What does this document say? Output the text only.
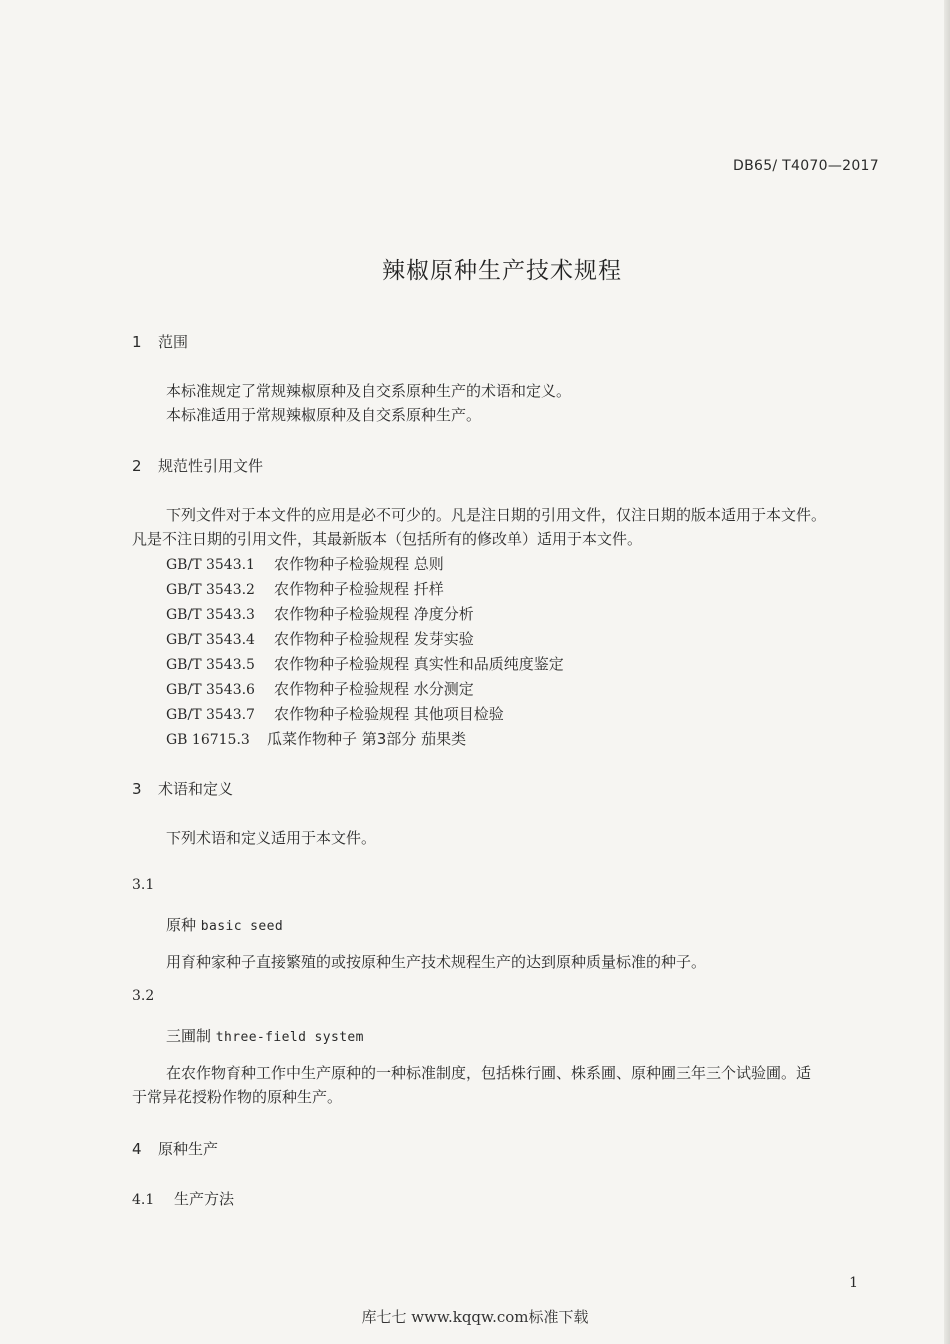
DB65/ T4070—2017
辣椒原种生产技术规程
1 范围
本标准规定了常规辣椒原种及自交系原种生产的术语和定义。
本标准适用于常规辣椒原种及自交系原种生产。
2 规范性引用文件
下列文件对于本文件的应用是必不可少的。凡是注日期的引用文件，仅注日期的版本适用于本文件。
凡是不注日期的引用文件，其最新版本（包括所有的修改单）适用于本文件。
GB/T 3543.1 农作物种子检验规程 总则
GB/T 3543.2 农作物种子检验规程 扦样
GB/T 3543.3 农作物种子检验规程 净度分析
GB/T 3543.4 农作物种子检验规程 发芽实验
GB/T 3543.5 农作物种子检验规程 真实性和品质纯度鉴定
GB/T 3543.6 农作物种子检验规程 水分测定
GB/T 3543.7 农作物种子检验规程 其他项目检验
GB 16715.3 瓜菜作物种子 第3部分 茄果类
3 术语和定义
下列术语和定义适用于本文件。
3.1
原种 basic seed
用育种家种子直接繁殖的或按原种生产技术规程生产的达到原种质量标准的种子。
3.2
三圃制 three-field system
在农作物育种工作中生产原种的一种标准制度，包括株行圃、株系圃、原种圃三年三个试验圃。适
于常异花授粉作物的原种生产。
4 原种生产
4.1 生产方法
1
库七七 www.kqqw.com标准下载
